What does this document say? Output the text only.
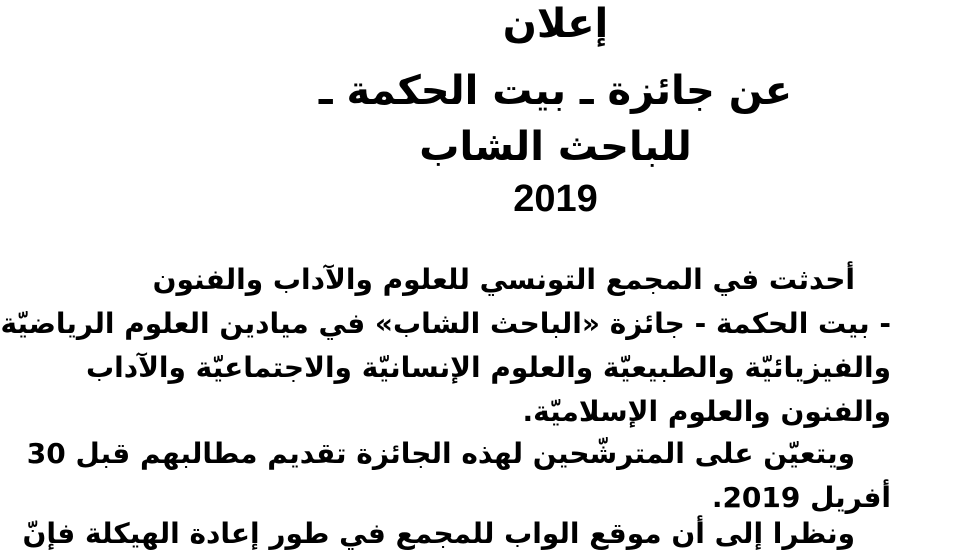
إعلان
عن جائزة ـ بيت الحكمة ـ
للباحث الشاب
2019
أحدثت في المجمع التونسي للعلوم والآداب والفنون
- بيت الحكمة - جائزة «الباحث الشاب» في ميادين العلوم الرياضيّة
والفيزيائيّة والطبيعيّة والعلوم الإنسانيّة والاجتماعيّة والآداب
والفنون والعلوم الإسلاميّة.
ويتعيّن على المترشّحين لهذه الجائزة تقديم مطالبهم قبل 30
أفريل 2019.
ونظرا إلى أن موقع الواب للمجمع في طور إعادة الهيكلة فإنّ
